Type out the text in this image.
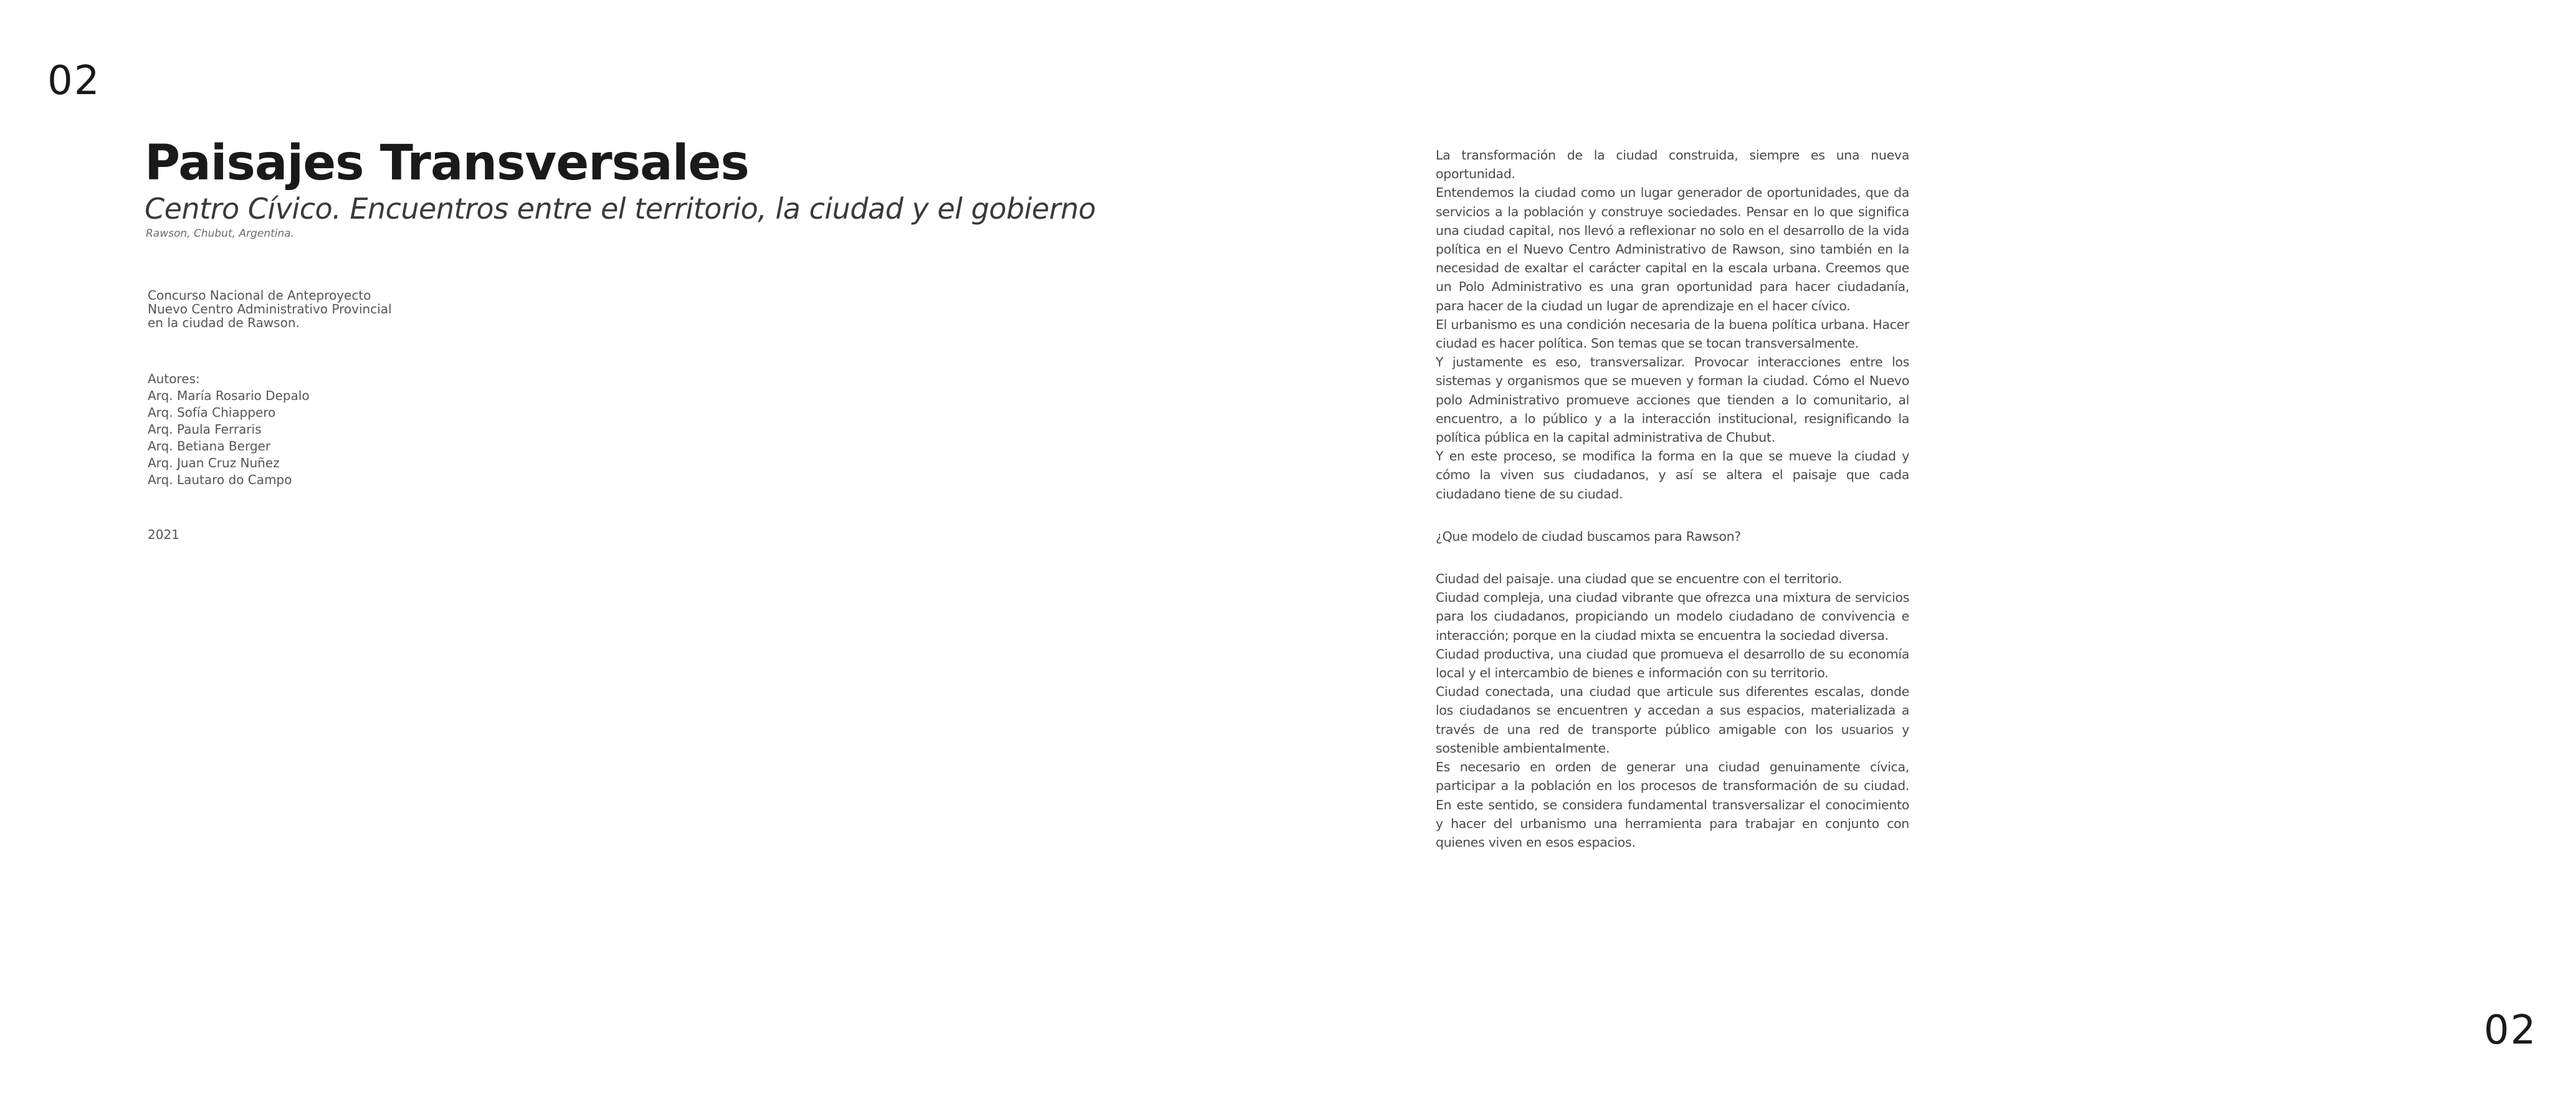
02
Paisajes Transversales
Centro Cívico. Encuentros entre el territorio, la ciudad y el gobierno
Rawson, Chubut, Argentina.
Concurso Nacional de Anteproyecto
Nuevo Centro Administrativo Provincial
en la ciudad de Rawson.
Autores:
Arq. María Rosario Depalo
Arq. Sofía Chiappero
Arq. Paula Ferraris
Arq. Betiana Berger
Arq. Juan Cruz Nuñez
Arq. Lautaro do Campo
2021

La transformación de la ciudad construida, siempre es una nueva oportunidad.

Entendemos la ciudad como un lugar generador de oportunidades, que da servicios a la población y construye sociedades. Pensar en lo que significa una ciudad capital, nos llevó a reflexionar no solo en el desarrollo de la vida política en el Nuevo Centro Administrativo de Rawson, sino también en la necesidad de exaltar el carácter capital en la escala urbana. Creemos que un Polo Administrativo es una gran oportunidad para hacer ciudadanía, para hacer de la ciudad un lugar de aprendizaje en el hacer cívico.

El urbanismo es una condición necesaria de la buena política urbana. Hacer ciudad es hacer política. Son temas que se tocan transversalmente.

Y justamente es eso, transversalizar. Provocar interacciones entre los sistemas y organismos que se mueven y forman la ciudad. Cómo el Nuevo polo Administrativo promueve acciones que tienden a lo comunitario, al encuentro, a lo público y a la interacción institucional, resignificando la política pública en la capital administrativa de Chubut.

Y en este proceso, se modifica la forma en la que se mueve la ciudad y cómo la viven sus ciudadanos, y así se altera el paisaje que cada ciudadano tiene de su ciudad.

¿Que modelo de ciudad buscamos para Rawson?

Ciudad del paisaje. una ciudad que se encuentre con el territorio.

Ciudad compleja, una ciudad vibrante que ofrezca una mixtura de servicios para los ciudadanos, propiciando un modelo ciudadano de convivencia e interacción; porque en la ciudad mixta se encuentra la sociedad diversa.

Ciudad productiva, una ciudad que promueva el desarrollo de su economía local y el intercambio de bienes e información con su territorio.

Ciudad conectada, una ciudad que articule sus diferentes escalas, donde los ciudadanos se encuentren y accedan a sus espacios, materializada a través de una red de transporte público amigable con los usuarios y sostenible ambientalmente.

Es necesario en orden de generar una ciudad genuinamente cívica, participar a la población en los procesos de transformación de su ciudad. En este sentido, se considera fundamental transversalizar el conocimiento y hacer del urbanismo una herramienta para trabajar en conjunto con quienes viven en esos espacios.

02
